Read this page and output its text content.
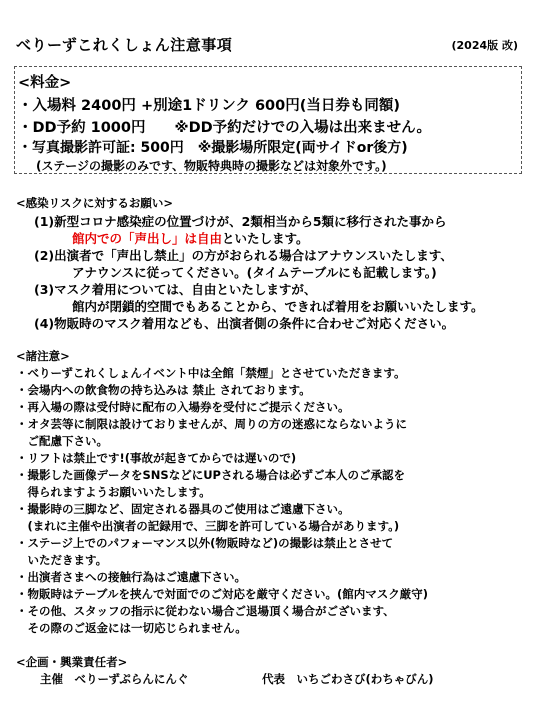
べりーずこれくしょん注意事項	(2024版 改)
<料金>
・入場料 2400円 +別途1ドリンク 600円(当日券も同額)
・DD予約 1000円　　※DD予約だけでの入場は出来ません。
・写真撮影許可証: 500円　※撮影場所限定(両サイドor後方)
(ステージの撮影のみです、物販特典時の撮影などは対象外です。)
<感染リスクに対するお願い>
(1)新型コロナ感染症の位置づけが、2類相当から5類に移行された事から
館内での「声出し」は自由といたします。
(2)出演者で「声出し禁止」の方がおられる場合はアナウンスいたします、
アナウンスに従ってください。(タイムテーブルにも記載します。)
(3)マスク着用については、自由といたしますが、
館内が閉鎖的空間でもあることから、できれば着用をお願いいたします。
(4)物販時のマスク着用なども、出演者側の条件に合わせご対応ください。
<諸注意>
・べりーずこれくしょんイベント中は全館「禁煙」とさせていただきます。
・会場内への飲食物の持ち込みは 禁止 されております。
・再入場の際は受付時に配布の入場券を受付にご提示ください。
・オタ芸等に制限は設けておりませんが、周りの方の迷惑にならないように
　ご配慮下さい。
・リフトは禁止です!(事故が起きてからでは遅いので)
・撮影した画像データをSNSなどにUPされる場合は必ずご本人のご承認を
　得られますようお願いいたします。
・撮影時の三脚など、固定される器具のご使用はご遠慮下さい。
　(まれに主催や出演者の記録用で、三脚を許可している場合があります。)
・ステージ上でのパフォーマンス以外(物販時など)の撮影は禁止とさせて
　いただきます。
・出演者さまへの接触行為はご遠慮下さい。
・物販時はテーブルを挟んで対面でのご対応を厳守ください。(館内マスク厳守)
・その他、スタッフの指示に従わない場合ご退場頂く場合がございます、
　その際のご返金には一切応じられません。
<企画・興業責任者>
主催　べりーずぷらんにんぐ	代表　いちごわさび(わちゃびん)
